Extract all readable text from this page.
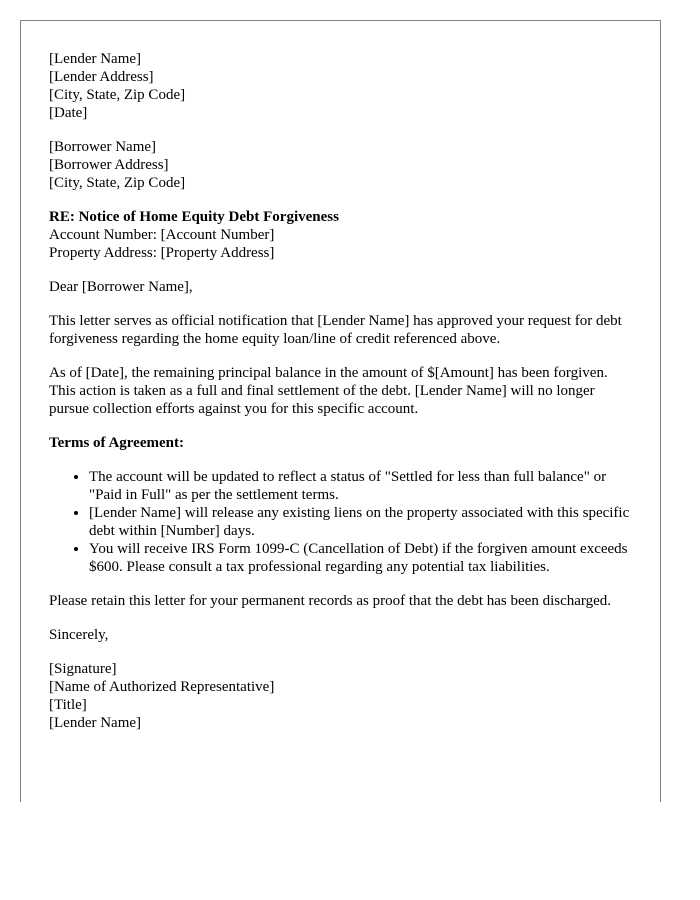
[Lender Name]
[Lender Address]
[City, State, Zip Code]
[Date]
[Borrower Name]
[Borrower Address]
[City, State, Zip Code]
RE: Notice of Home Equity Debt Forgiveness
Account Number: [Account Number]
Property Address: [Property Address]

Dear [Borrower Name],

This letter serves as official notification that [Lender Name] has approved your request for debt forgiveness regarding the home equity loan/line of credit referenced above.

As of [Date], the remaining principal balance in the amount of $[Amount] has been forgiven. This action is taken as a full and final settlement of the debt. [Lender Name] will no longer pursue collection efforts against you for this specific account.

Terms of Agreement:

• The account will be updated to reflect a status of "Settled for less than full balance" or "Paid in Full" as per the settlement terms.
• [Lender Name] will release any existing liens on the property associated with this specific debt within [Number] days.
• You will receive IRS Form 1099-C (Cancellation of Debt) if the forgiven amount exceeds $600. Please consult a tax professional regarding any potential tax liabilities.

Please retain this letter for your permanent records as proof that the debt has been discharged.

Sincerely,

[Signature]
[Name of Authorized Representative]
[Title]
[Lender Name]
